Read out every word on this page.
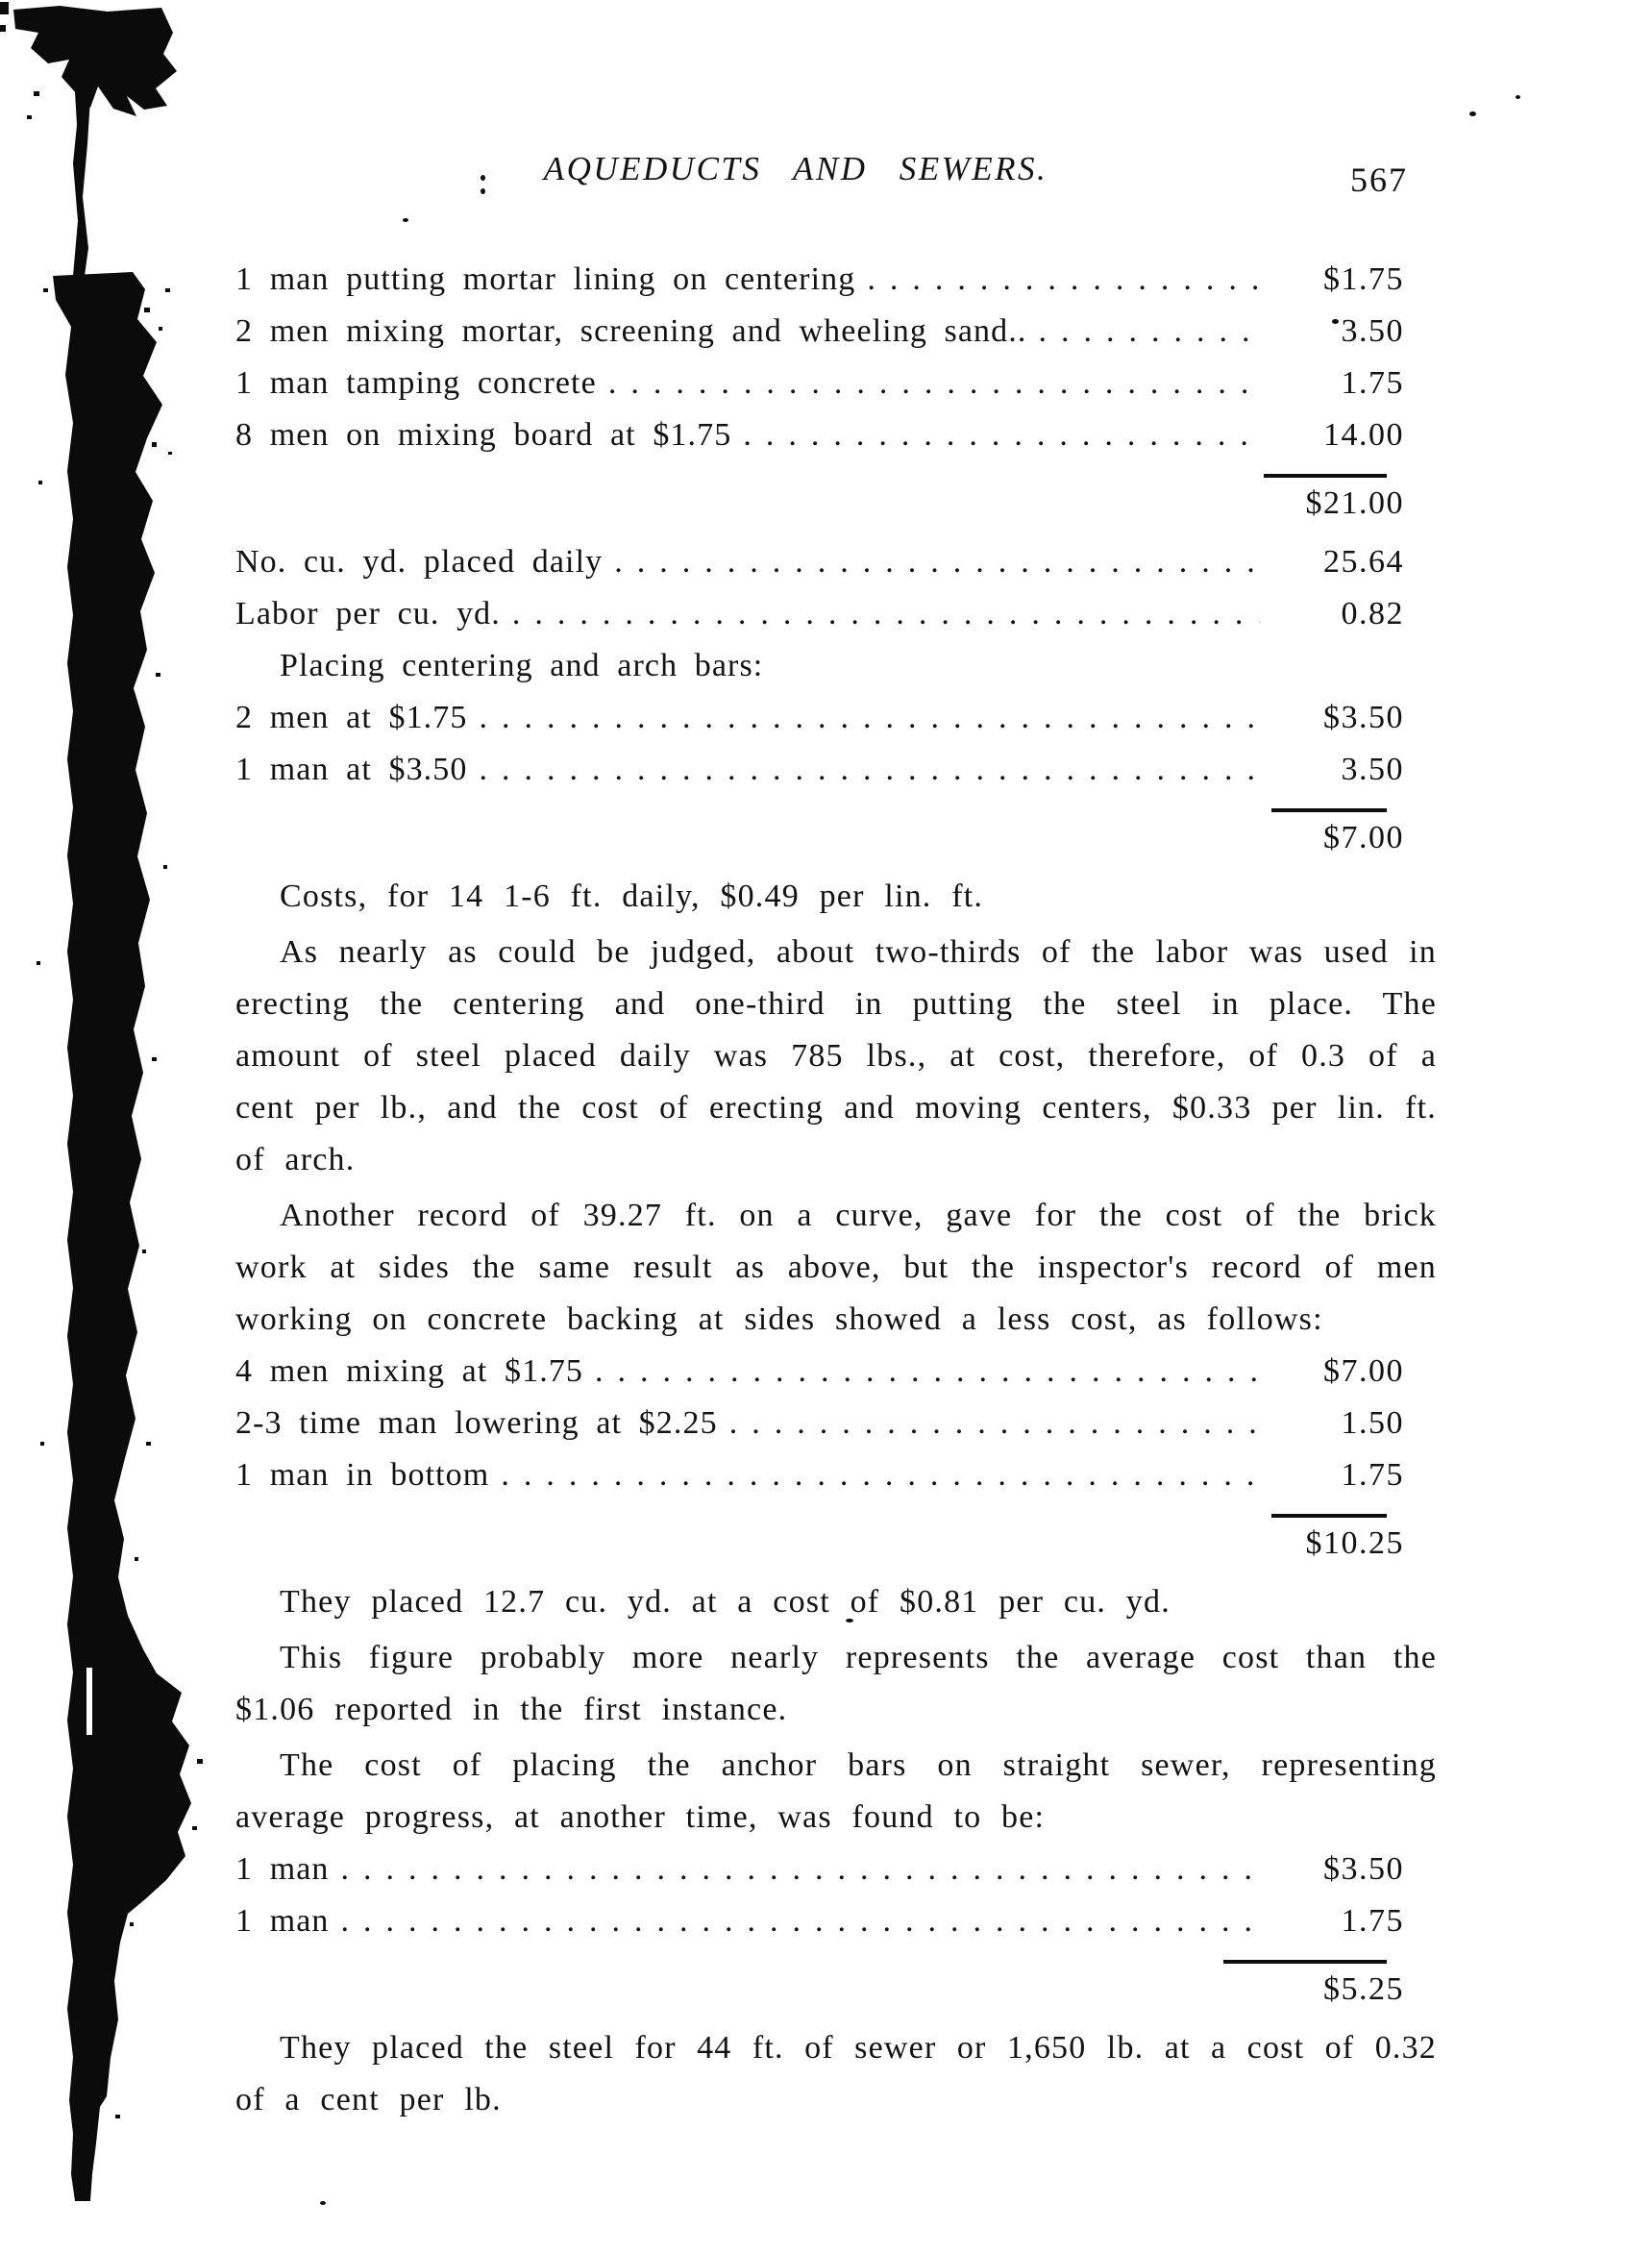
AQUEDUCTS AND SEWERS.	567
1 man putting mortar lining on centering .....	$1.75
2 men mixing mortar, screening and wheeling sand.. .....	3.50
1 man tamping concrete .....	1.75
8 men on mixing board at $1.75 .....	14.00
$21.00
No. cu. yd. placed daily .....	25.64
Labor per cu. yd. .....	0.82
Placing centering and arch bars:
2 men at $1.75 .....	$3.50
1 man at $3.50 .....	3.50
$7.00

Costs, for 14 1-6 ft. daily, $0.49 per lin. ft.

As nearly as could be judged, about two-thirds of the labor was used in erecting the centering and one-third in putting the steel in place. The amount of steel placed daily was 785 lbs., at cost, therefore, of 0.3 of a cent per lb., and the cost of erecting and moving centers, $0.33 per lin. ft. of arch.

Another record of 39.27 ft. on a curve, gave for the cost of the brick work at sides the same result as above, but the inspector's record of men working on concrete backing at sides showed a less cost, as follows:

4 men mixing at $1.75 .....	$7.00
2-3 time man lowering at $2.25 .....	1.50
1 man in bottom .....	1.75
$10.25

They placed 12.7 cu. yd. at a cost of $0.81 per cu. yd.

This figure probably more nearly represents the average cost than the $1.06 reported in the first instance.

The cost of placing the anchor bars on straight sewer, representing average progress, at another time, was found to be:

1 man .....	$3.50
1 man .....	1.75
$5.25

They placed the steel for 44 ft. of sewer or 1,650 lb. at a cost of 0.32 of a cent per lb.
